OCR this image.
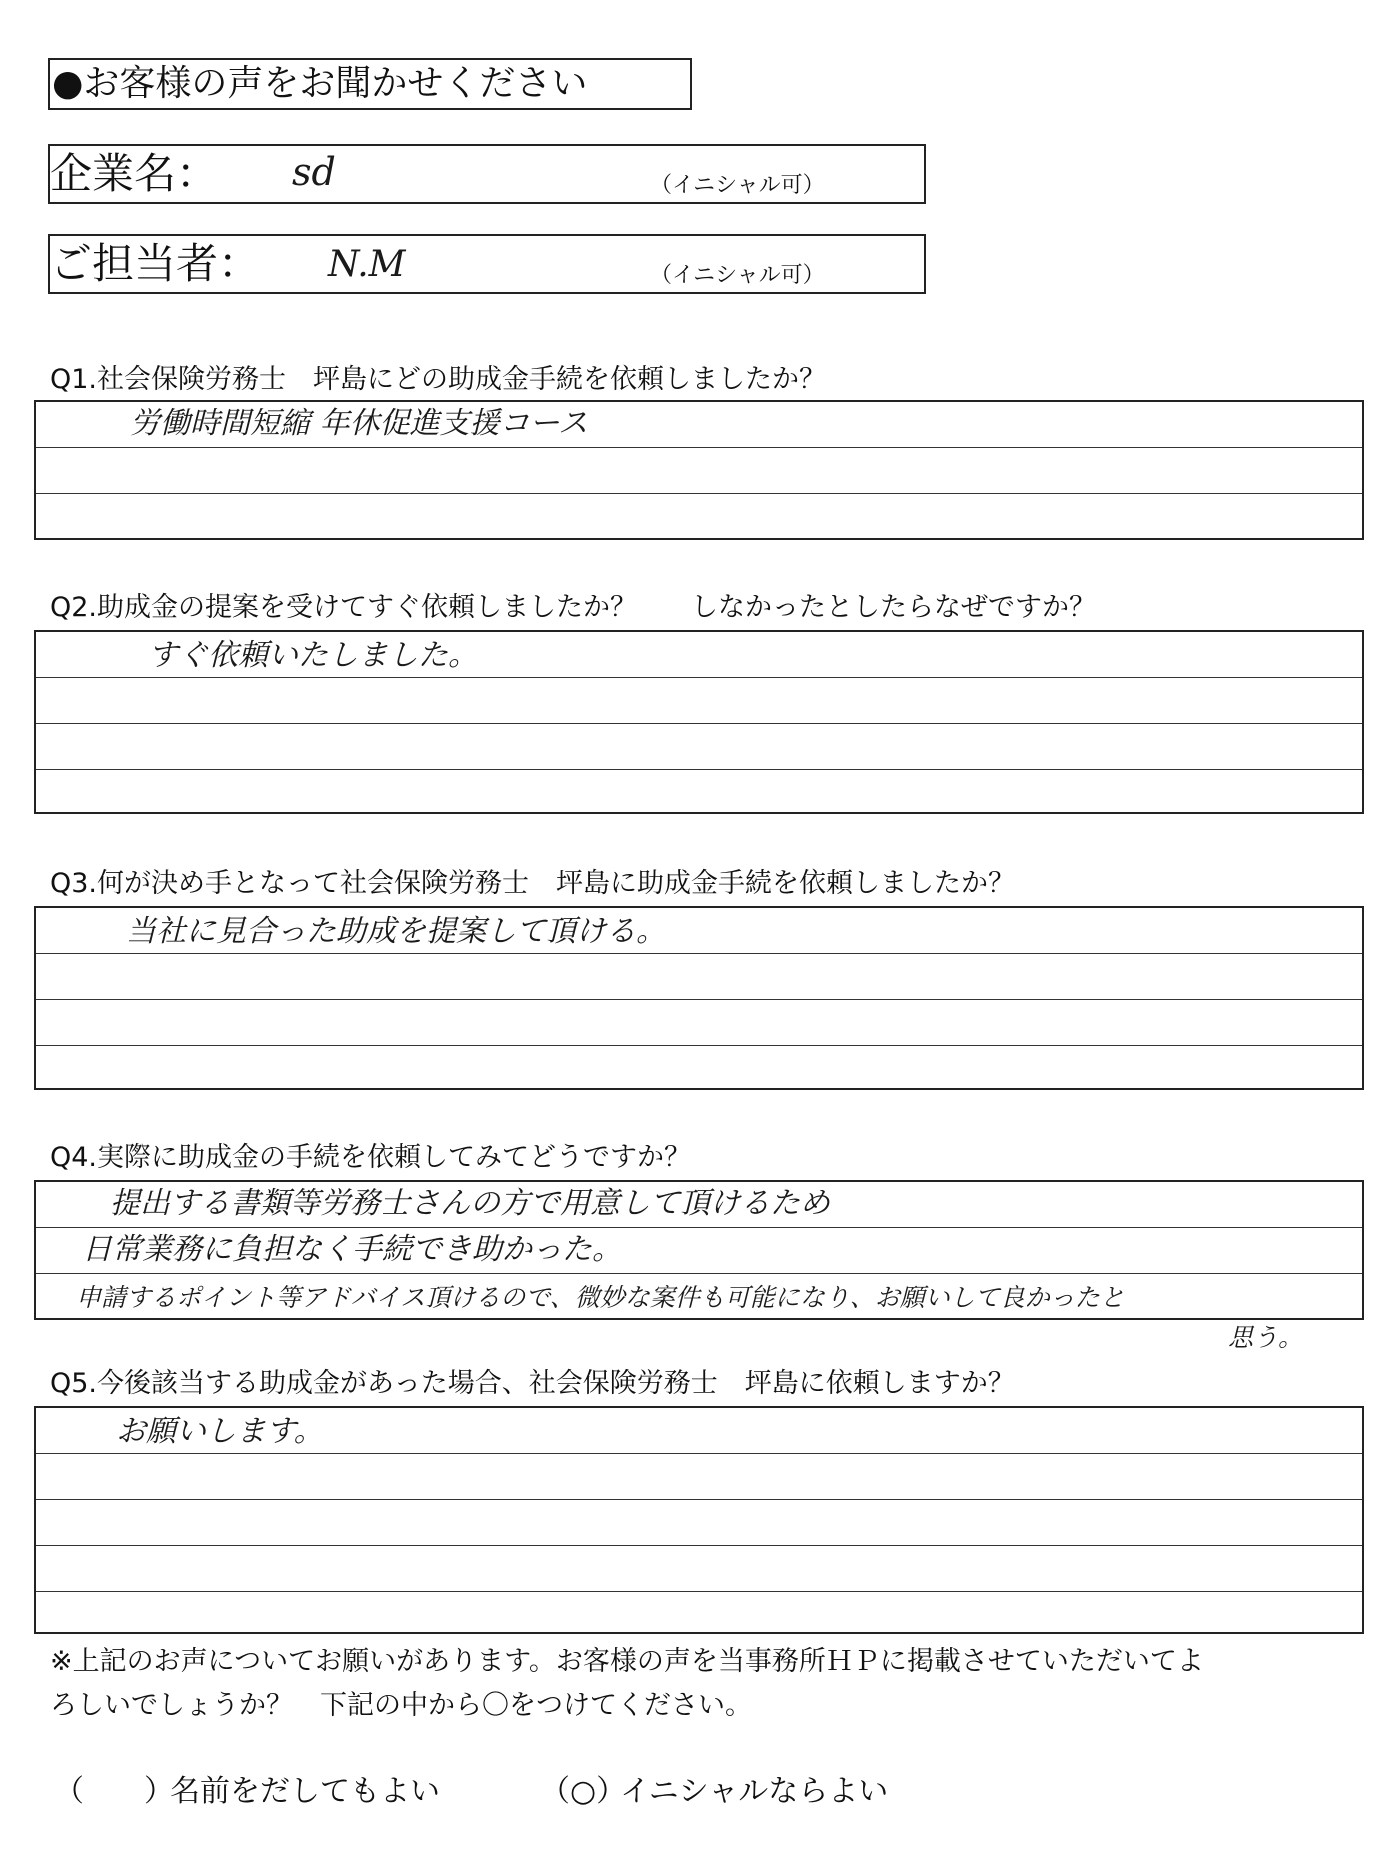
●お客様の声をお聞かせください
企業名： sd	（イニシャル可）
ご担当者： N.M	（イニシャル可）
Q1.社会保険労務士　坪島にどの助成金手続を依頼しましたか？
労働時間短縮 年休促進支援コース
Q2.助成金の提案を受けてすぐ依頼しましたか？　　しなかったとしたらなぜですか？
すぐ依頼いたしました。
Q3.何が決め手となって社会保険労務士　坪島に助成金手続を依頼しましたか？
当社に見合った助成を提案して頂ける。
Q4.実際に助成金の手続を依頼してみてどうですか？
提出する書類等労務士さんの方で用意して頂けるため
日常業務に負担なく手続でき助かった。
申請するポイント等アドバイス頂けるので、微妙な案件も可能になり、お願いして良かったと
思う。
Q5.今後該当する助成金があった場合、社会保険労務士　坪島に依頼しますか？
お願いします。
※上記のお声についてお願いがあります。お客様の声を当事務所ＨＰに掲載させていただいてよ
ろしいでしょうか？　下記の中から〇をつけてください。
（　　）
名前をだしてもよい	（○）
イニシャルならよい
